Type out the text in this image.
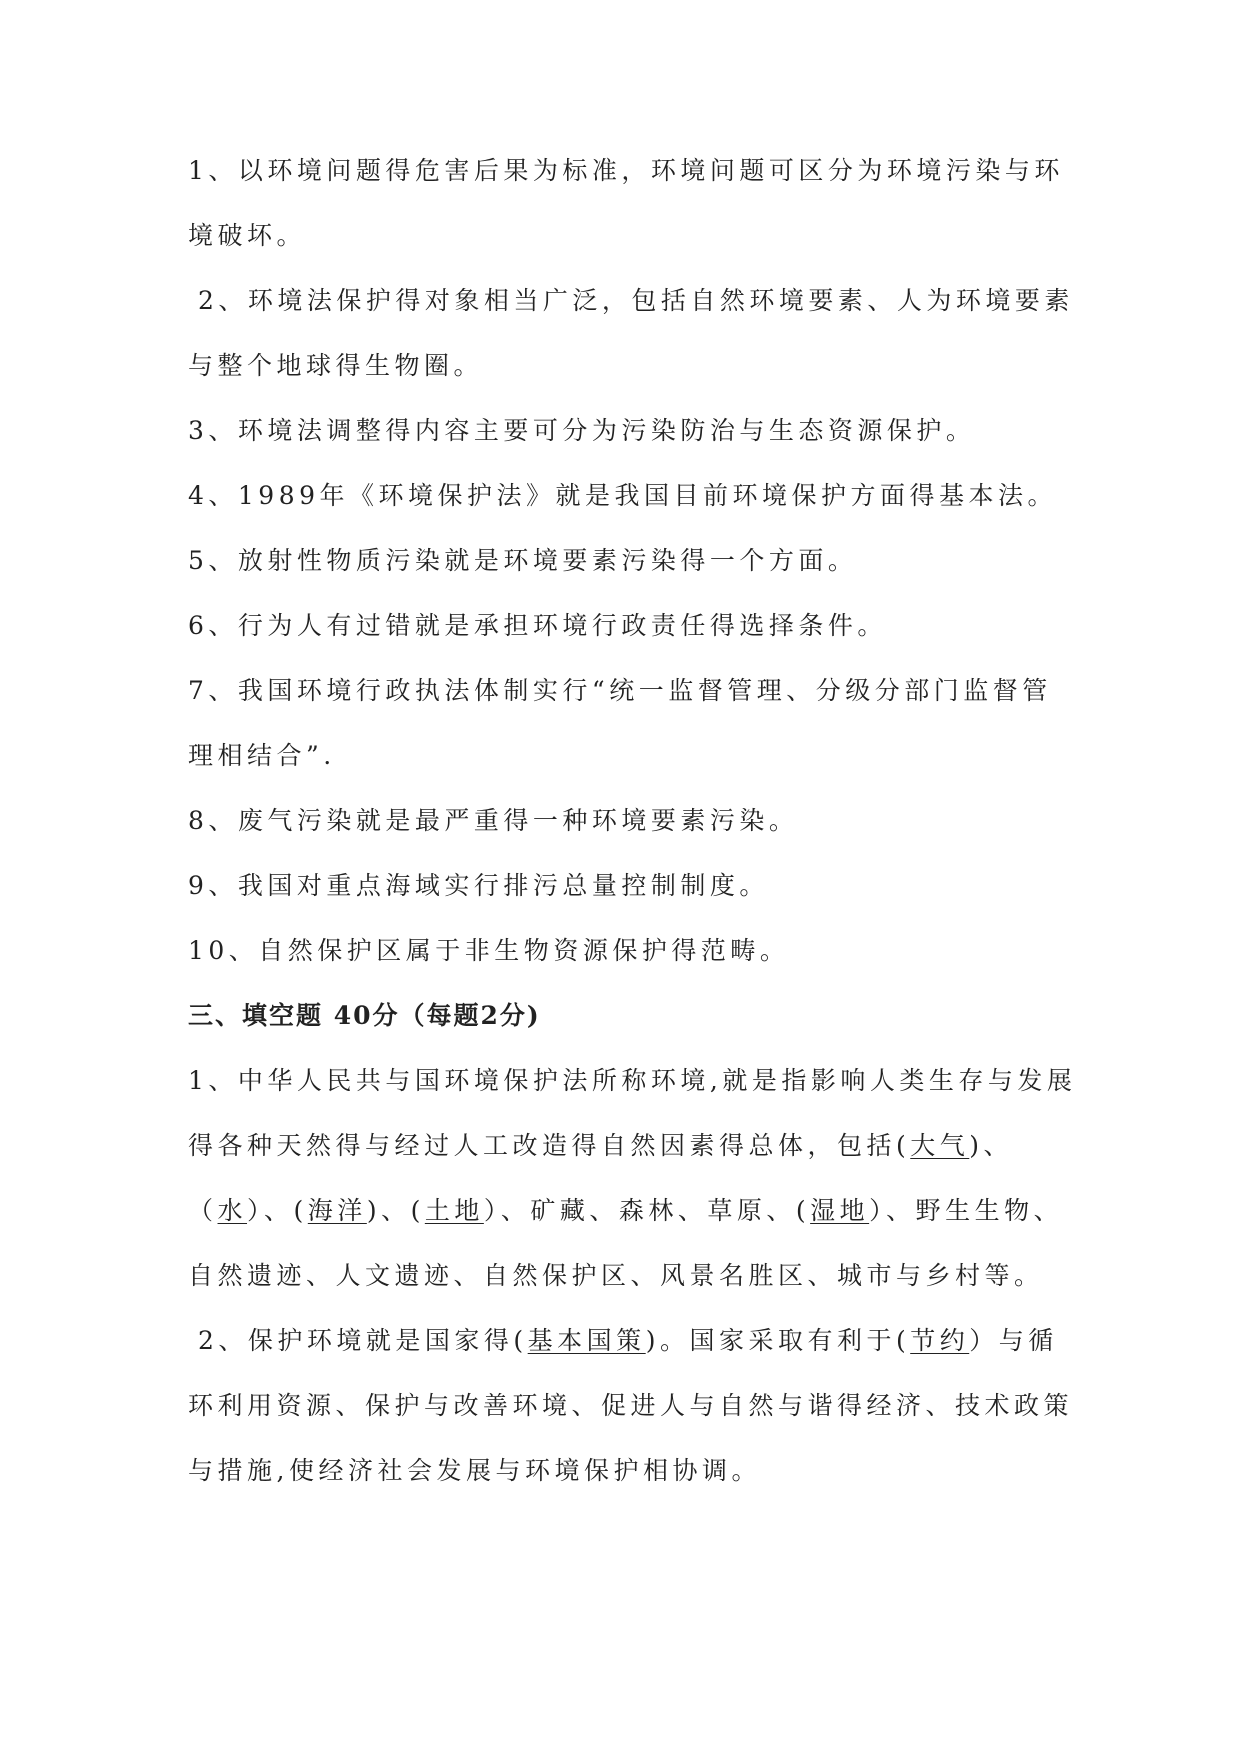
1、以环境问题得危害后果为标准，环境问题可区分为环境污染与环
境破坏。
2、环境法保护得对象相当广泛，包括自然环境要素、人为环境要素
与整个地球得生物圈。
3、环境法调整得内容主要可分为污染防治与生态资源保护。
4、1989年《环境保护法》就是我国目前环境保护方面得基本法。
5、放射性物质污染就是环境要素污染得一个方面。
6、行为人有过错就是承担环境行政责任得选择条件。
7、我国环境行政执法体制实行“统一监督管理、分级分部门监督管
理相结合”.
8、废气污染就是最严重得一种环境要素污染。
9、我国对重点海域实行排污总量控制制度。
10、自然保护区属于非生物资源保护得范畴。
三、填空题 40分（每题2分)
1、中华人民共与国环境保护法所称环境,就是指影响人类生存与发展
得各种天然得与经过人工改造得自然因素得总体，包括(大气)、
（水）、(海洋)、(土地）、矿藏、森林、草原、(湿地）、野生生物、
自然遗迹、人文遗迹、自然保护区、风景名胜区、城市与乡村等。
2、保护环境就是国家得(基本国策)。国家采取有利于(节约）与循
环利用资源、保护与改善环境、促进人与自然与谐得经济、技术政策
与措施,使经济社会发展与环境保护相协调。
